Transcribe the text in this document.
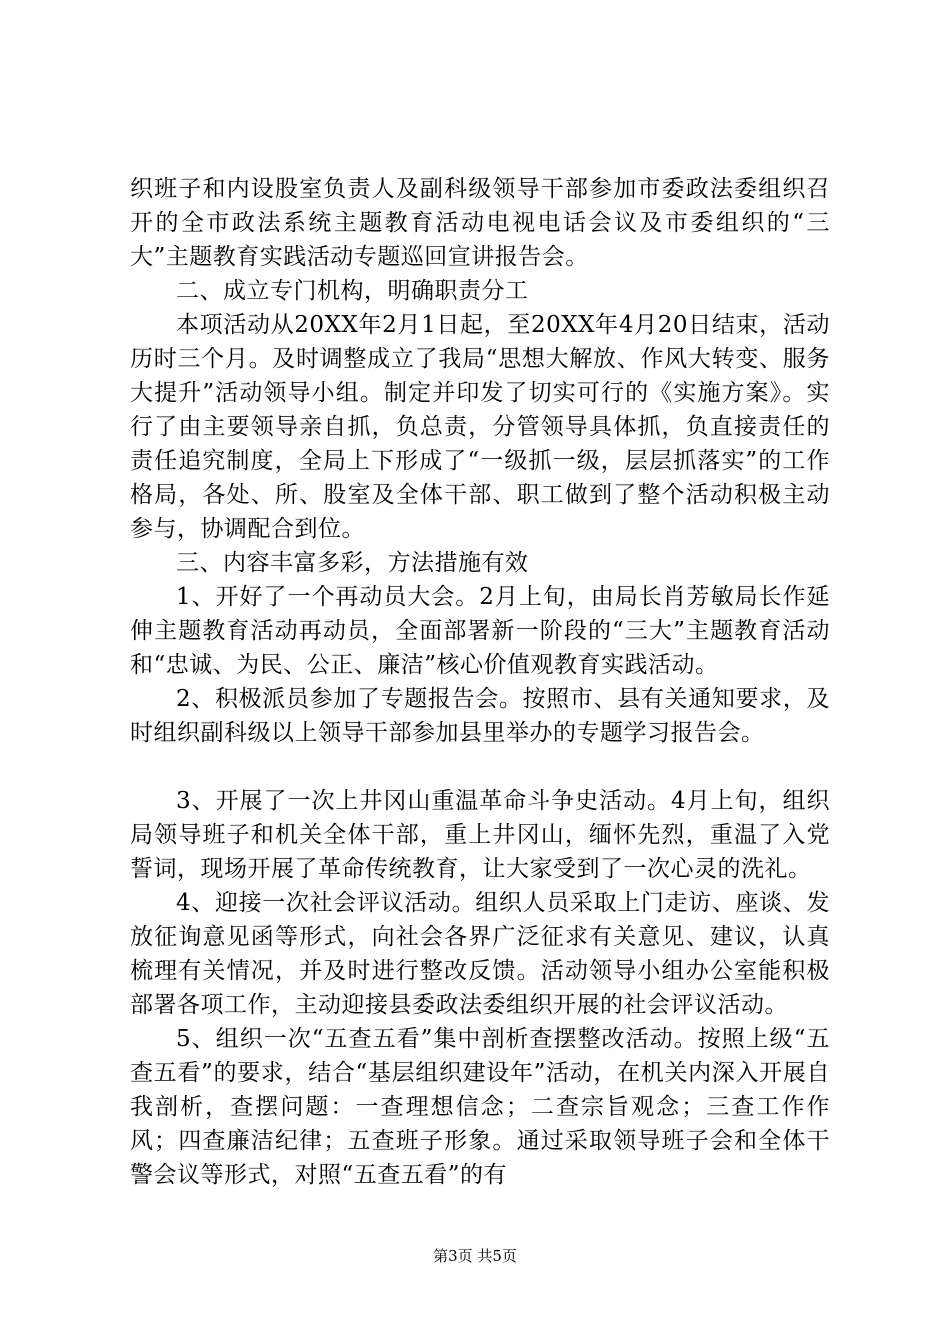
织班子和内设股室负责人及副科级领导干部参加市委政法委组织召开的全市政法系统主题教育活动电视电话会议及市委组织的“三大”主题教育实践活动专题巡回宣讲报告会。

二、成立专门机构，明确职责分工

本项活动从20XX年2月1日起，至20XX年4月20日结束，活动历时三个月。及时调整成立了我局“思想大解放、作风大转变、服务大提升”活动领导小组。制定并印发了切实可行的《实施方案》。实行了由主要领导亲自抓，负总责，分管领导具体抓，负直接责任的责任追究制度，全局上下形成了“一级抓一级，层层抓落实”的工作格局，各处、所、股室及全体干部、职工做到了整个活动积极主动参与，协调配合到位。

三、内容丰富多彩，方法措施有效

1、开好了一个再动员大会。2月上旬，由局长肖芳敏局长作延伸主题教育活动再动员，全面部署新一阶段的“三大”主题教育活动和“忠诚、为民、公正、廉洁”核心价值观教育实践活动。

2、积极派员参加了专题报告会。按照市、县有关通知要求，及时组织副科级以上领导干部参加县里举办的专题学习报告会。

3、开展了一次上井冈山重温革命斗争史活动。4月上旬，组织局领导班子和机关全体干部，重上井冈山，缅怀先烈，重温了入党誓词，现场开展了革命传统教育，让大家受到了一次心灵的洗礼。

4、迎接一次社会评议活动。组织人员采取上门走访、座谈、发放征询意见函等形式，向社会各界广泛征求有关意见、建议，认真梳理有关情况，并及时进行整改反馈。活动领导小组办公室能积极部署各项工作，主动迎接县委政法委组织开展的社会评议活动。

5、组织一次“五查五看”集中剖析查摆整改活动。按照上级“五查五看”的要求，结合“基层组织建设年”活动，在机关内深入开展自我剖析，查摆问题：一查理想信念；二查宗旨观念；三查工作作风；四查廉洁纪律；五查班子形象。通过采取领导班子会和全体干警会议等形式，对照“五查五看”的有

第3页 共5页
